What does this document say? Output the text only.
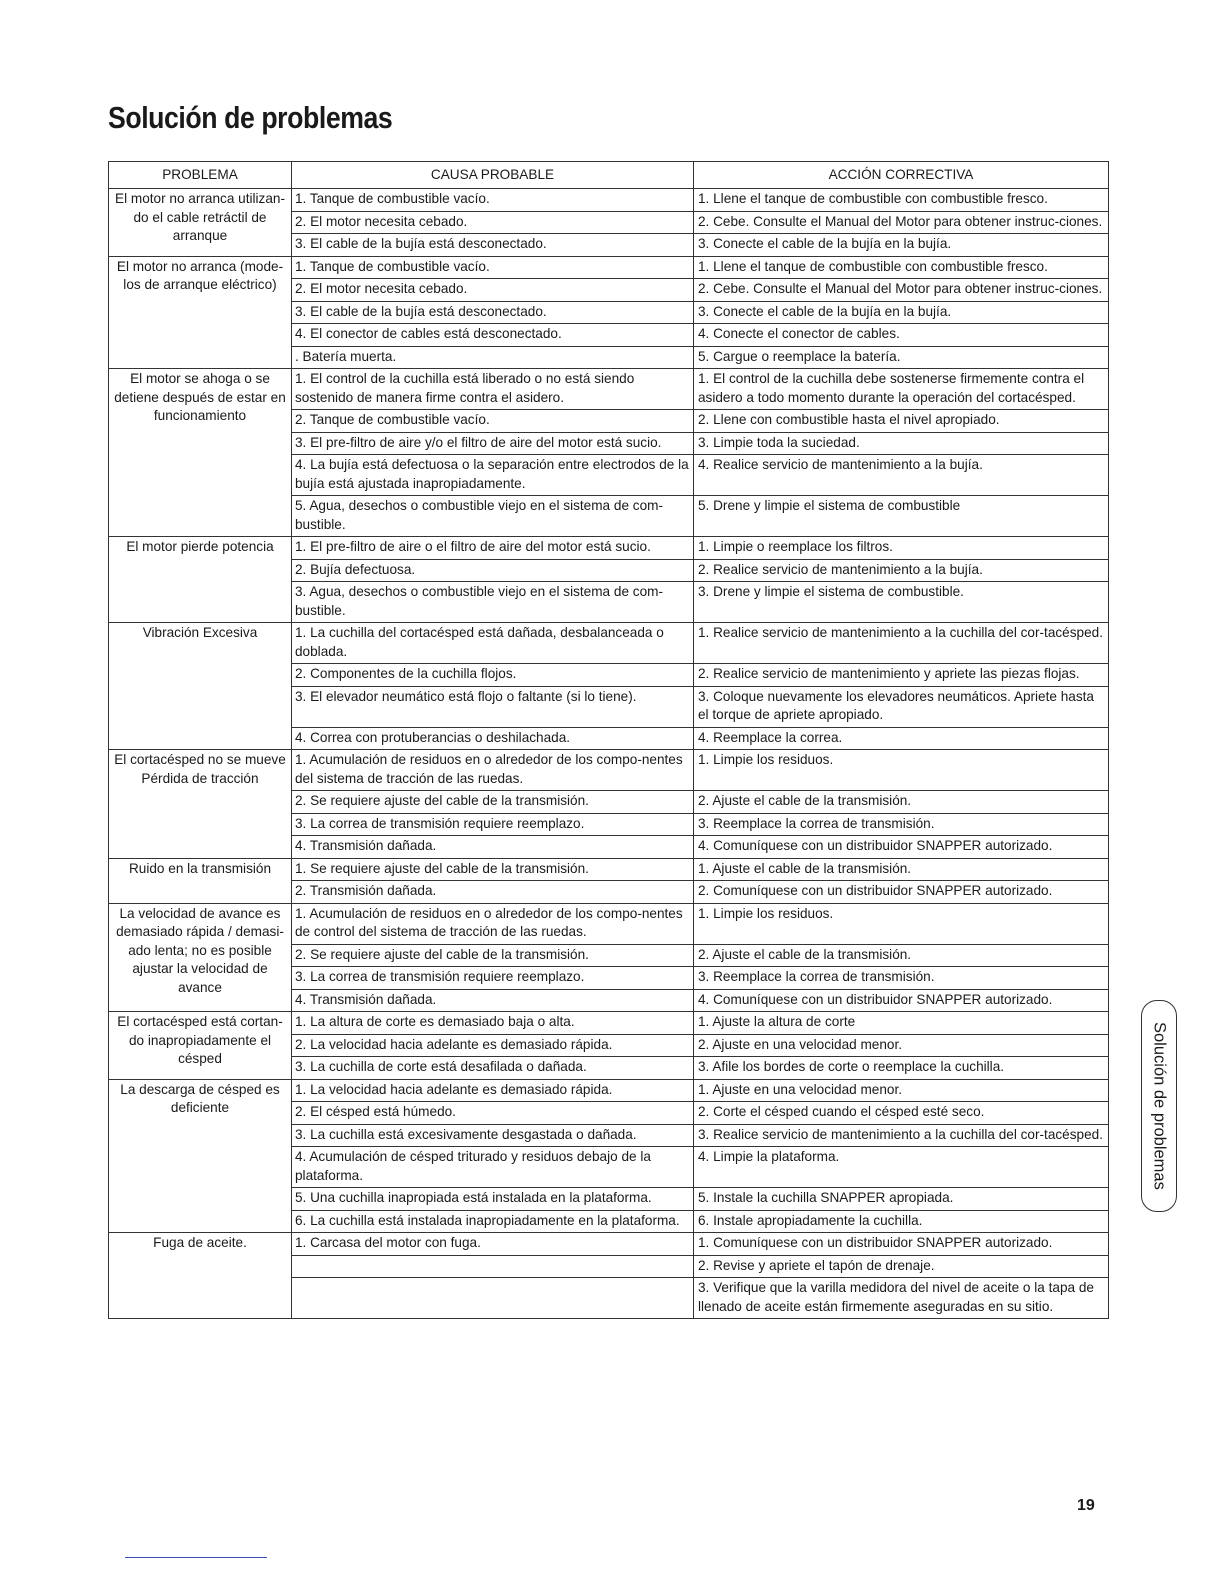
Solución de problemas
PROBLEMA	CAUSA PROBABLE	ACCIÓN CORRECTIVA
El motor no arranca utilizan-do el cable retráctil de arranque	1. Tanque de combustible vacío.	1. Llene el tanque de combustible con combustible fresco.
	2. El motor necesita cebado.	2. Cebe. Consulte el Manual del Motor para obtener instruc-ciones.
	3. El cable de la bujía está desconectado.	3. Conecte el cable de la bujía en la bujía.
El motor no arranca (mode-los de arranque eléctrico)	1. Tanque de combustible vacío.	1. Llene el tanque de combustible con combustible fresco.
	2. El motor necesita cebado.	2. Cebe. Consulte el Manual del Motor para obtener instruc-ciones.
	3. El cable de la bujía está desconectado.	3. Conecte el cable de la bujía en la bujía.
	4. El conector de cables está desconectado.	4. Conecte el conector de cables.
	. Batería muerta.	5. Cargue o reemplace la batería.
El motor se ahoga o se detiene después de estar en funcionamiento	1. El control de la cuchilla está liberado o no está siendo sostenido de manera firme contra el asidero.	1. El control de la cuchilla debe sostenerse firmemente contra el asidero a todo momento durante la operación del cortacésped.
	2. Tanque de combustible vacío.	2. Llene con combustible hasta el nivel apropiado.
	3. El pre-filtro de aire y/o el filtro de aire del motor está sucio.	3. Limpie toda la suciedad.
	4. La bujía está defectuosa o la separación entre electrodos de la bujía está ajustada inapropiadamente.	4. Realice servicio de mantenimiento a la bujía.
	5. Agua, desechos o combustible viejo en el sistema de com-bustible.	5. Drene y limpie el sistema de combustible
El motor pierde potencia	1. El pre-filtro de aire o el filtro de aire del motor está sucio.	1. Limpie o reemplace los filtros.
	2. Bujía defectuosa.	2. Realice servicio de mantenimiento a la bujía.
	3. Agua, desechos o combustible viejo en el sistema de com-bustible.	3. Drene y limpie el sistema de combustible.
Vibración Excesiva	1. La cuchilla del cortacésped está dañada, desbalanceada o doblada.	1. Realice servicio de mantenimiento a la cuchilla del cor-tacésped.
	2. Componentes de la cuchilla flojos.	2. Realice servicio de mantenimiento y apriete las piezas flojas.
	3. El elevador neumático está flojo o faltante (si lo tiene).	3. Coloque nuevamente los elevadores neumáticos. Apriete hasta el torque de apriete apropiado.
	4. Correa con protuberancias o deshilachada.	4. Reemplace la correa.
El cortacésped no se mueve Pérdida de tracción	1. Acumulación de residuos en o alrededor de los compo-nentes del sistema de tracción de las ruedas.	1. Limpie los residuos.
	2. Se requiere ajuste del cable de la transmisión.	2. Ajuste el cable de la transmisión.
	3. La correa de transmisión requiere reemplazo.	3. Reemplace la correa de transmisión.
	4. Transmisión dañada.	4. Comuníquese con un distribuidor SNAPPER autorizado.
Ruido en la transmisión	1. Se requiere ajuste del cable de la transmisión.	1. Ajuste el cable de la transmisión.
	2. Transmisión dañada.	2. Comuníquese con un distribuidor SNAPPER autorizado.
La velocidad de avance es demasiado rápida / demasi-ado lenta; no es posible ajustar la velocidad de avance	1. Acumulación de residuos en o alrededor de los compo-nentes de control del sistema de tracción de las ruedas.	1. Limpie los residuos.
	2. Se requiere ajuste del cable de la transmisión.	2. Ajuste el cable de la transmisión.
	3. La correa de transmisión requiere reemplazo.	3. Reemplace la correa de transmisión.
	4. Transmisión dañada.	4. Comuníquese con un distribuidor SNAPPER autorizado.
El cortacésped está cortan-do inapropiadamente el césped	1. La altura de corte es demasiado baja o alta.	1. Ajuste la altura de corte
	2. La velocidad hacia adelante es demasiado rápida.	2. Ajuste en una velocidad menor.
	3. La cuchilla de corte está desafilada o dañada.	3. Afile los bordes de corte o reemplace la cuchilla.
La descarga de césped es deficiente	1. La velocidad hacia adelante es demasiado rápida.	1. Ajuste en una velocidad menor.
	2. El césped está húmedo.	2. Corte el césped cuando el césped esté seco.
	3. La cuchilla está excesivamente desgastada o dañada.	3. Realice servicio de mantenimiento a la cuchilla del cor-tacésped.
	4. Acumulación de césped triturado y residuos debajo de la plataforma.	4. Limpie la plataforma.
	5. Una cuchilla inapropiada está instalada en la plataforma.	5. Instale la cuchilla SNAPPER apropiada.
	6. La cuchilla está instalada inapropiadamente en la plataforma.	6. Instale apropiadamente la cuchilla.
Fuga de aceite.	1. Carcasa del motor con fuga.	1. Comuníquese con un distribuidor SNAPPER autorizado.
		2. Revise y apriete el tapón de drenaje.
		3. Verifique que la varilla medidora del nivel de aceite o la tapa de llenado de aceite están firmemente aseguradas en su sitio.
Solución de problemas
19
